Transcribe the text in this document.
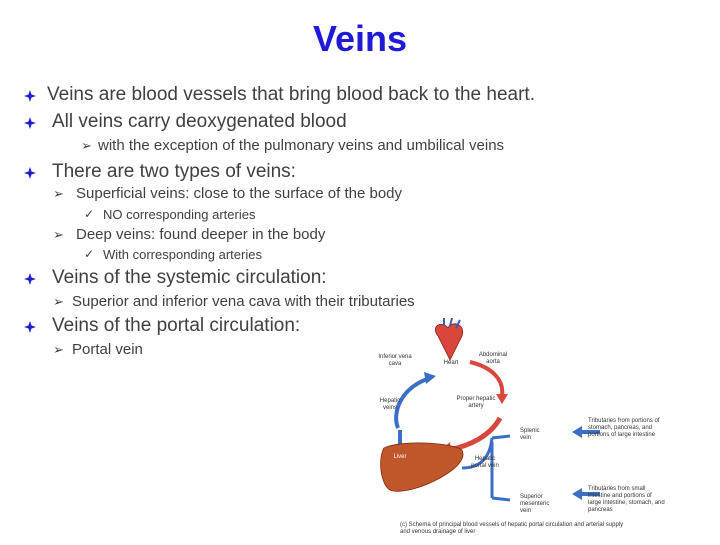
Veins
Veins are blood vessels that bring blood back to the heart.
All veins carry deoxygenated blood
➢ with the exception of the pulmonary veins and umbilical veins
There are two types of veins:
➢ Superficial veins: close to the surface of the body
✓ NO corresponding arteries
➢ Deep veins: found deeper in the body
✓ With corresponding arteries
Veins of the systemic circulation:
➢ Superior and inferior vena cava with their tributaries
Veins of the portal circulation:
➢ Portal vein	Inferior vena cava	Heart
Abdominal aorta
Hepatic veins
Proper hepatic artery
Splenic vein
Liver	Hepatic portal vein
Superior mesenteric vein
Tributaries from portions of stomach, pancreas, and portions of large intestine
Tributaries from small intestine and portions of large intestine, stomach, and pancreas
(c) Schema of principal blood vessels of hepatic portal circulation and arterial supply and venous drainage of liver
